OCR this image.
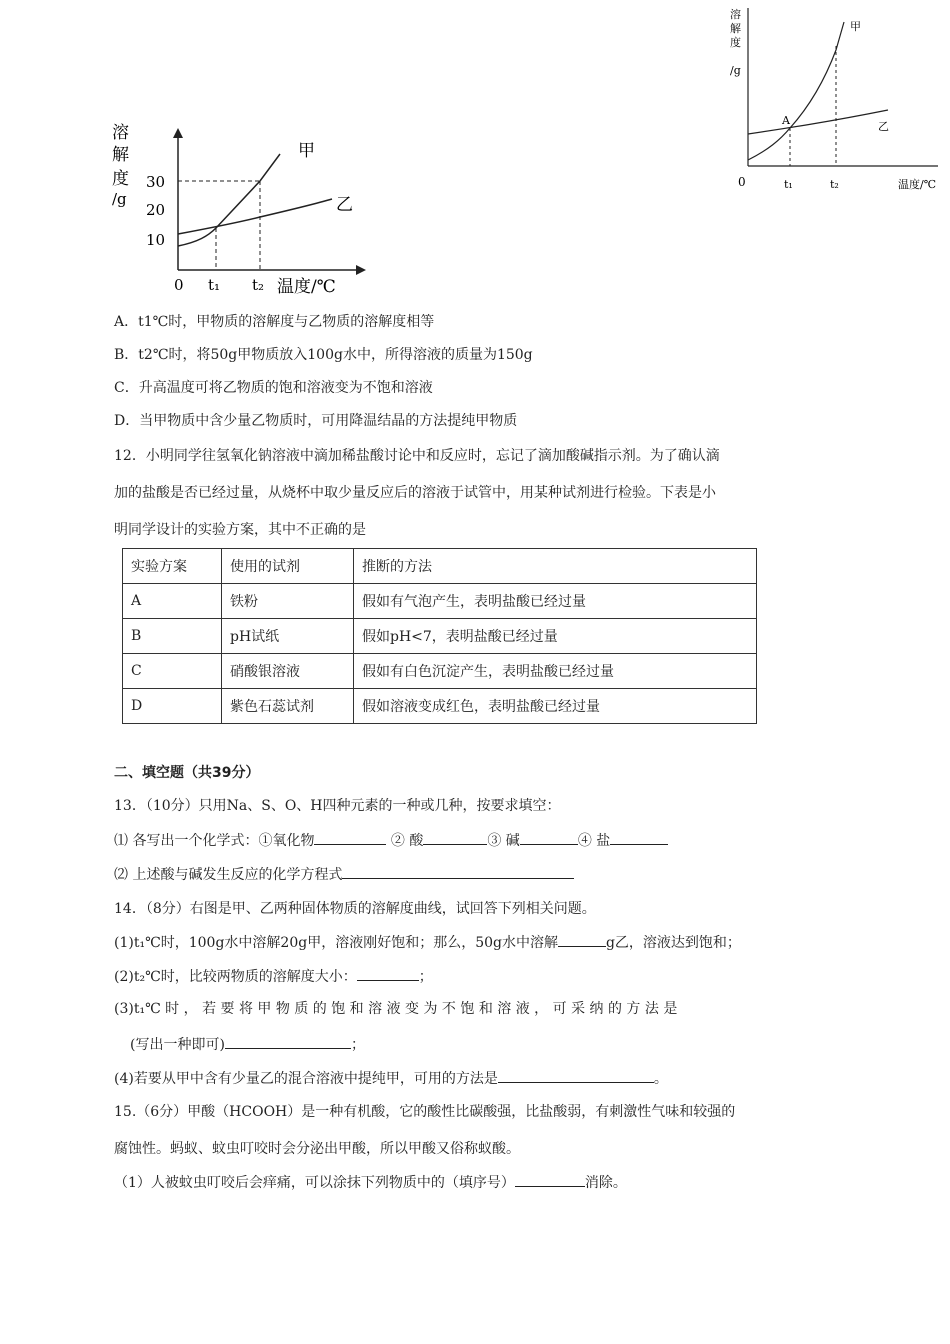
溶
解
度
/g
30
20
10
0 t₁ t₂ 温度/℃
甲
乙
溶
解
度
/g
A
甲
乙
0	t₁	t₂	温度/℃
A．t1℃时，甲物质的溶解度与乙物质的溶解度相等
B．t2℃时，将50g甲物质放入100g水中，所得溶液的质量为150g
C．升高温度可将乙物质的饱和溶液变为不饱和溶液
D．当甲物质中含少量乙物质时，可用降温结晶的方法提纯甲物质
12．小明同学往氢氧化钠溶液中滴加稀盐酸讨论中和反应时，忘记了滴加酸碱指示剂。为了确认滴
加的盐酸是否已经过量，从烧杯中取少量反应后的溶液于试管中，用某种试剂进行检验。下表是小
明同学设计的实验方案，其中不正确的是
实验方案	使用的试剂	推断的方法
A	铁粉	假如有气泡产生，表明盐酸已经过量
B	pH试纸	假如pH<7，表明盐酸已经过量
C	硝酸银溶液	假如有白色沉淀产生，表明盐酸已经过量
D	紫色石蕊试剂	假如溶液变成红色，表明盐酸已经过量
二、填空题（共39分）
13．（10分）只用Na、S、O、H四种元素的一种或几种，按要求填空：
⑴ 各写出一个化学式：①氧化物	② 酸	③ 碱	④ 盐
⑵ 上述酸与碱发生反应的化学方程式
14．（8分）右图是甲、乙两种固体物质的溶解度曲线，试回答下列相关问题。
(1)t₁℃时，100g水中溶解20g甲，溶液刚好饱和；那么，50g水中溶解	g乙，溶液达到饱和；
(2)t₂℃时，比较两物质的溶解度大小：	；
(3)t₁℃ 时 ， 若 要 将 甲 物 质 的 饱 和 溶 液 变 为 不 饱 和 溶 液 ， 可 采 纳 的 方 法 是
(写出一种即可)	；
(4)若要从甲中含有少量乙的混合溶液中提纯甲，可用的方法是	。
15.（6分）甲酸（HCOOH）是一种有机酸，它的酸性比碳酸强，比盐酸弱，有刺激性气味和较强的
腐蚀性。蚂蚁、蚊虫叮咬时会分泌出甲酸，所以甲酸又俗称蚁酸。
（1）人被蚊虫叮咬后会痒痛，可以涂抹下列物质中的（填序号）	消除。
